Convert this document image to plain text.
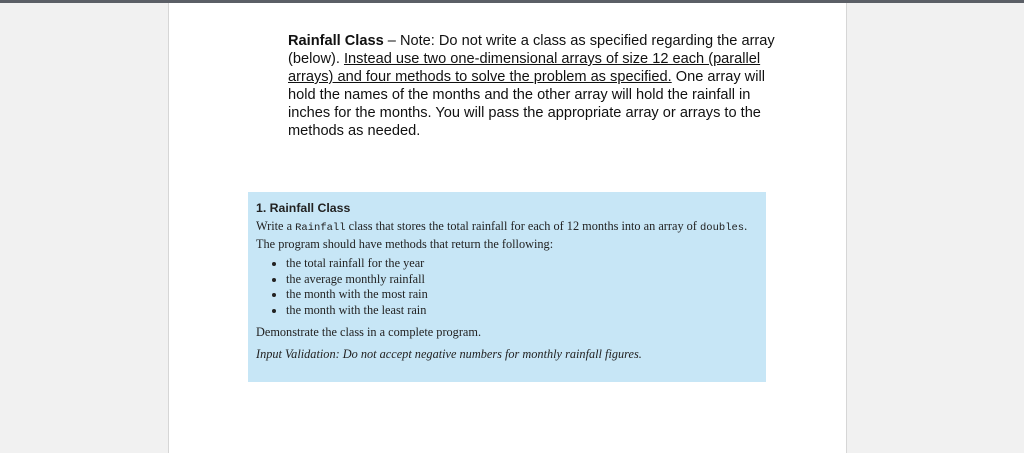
Rainfall Class – Note: Do not write a class as specified regarding the array (below). Instead use two one-dimensional arrays of size 12 each (parallel arrays) and four methods to solve the problem as specified. One array will hold the names of the months and the other array will hold the rainfall in inches for the months. You will pass the appropriate array or arrays to the methods as needed.
1. Rainfall Class
Write a Rainfall class that stores the total rainfall for each of 12 months into an array of doubles. The program should have methods that return the following:
• the total rainfall for the year
• the average monthly rainfall
• the month with the most rain
• the month with the least rain
Demonstrate the class in a complete program.
Input Validation: Do not accept negative numbers for monthly rainfall figures.
